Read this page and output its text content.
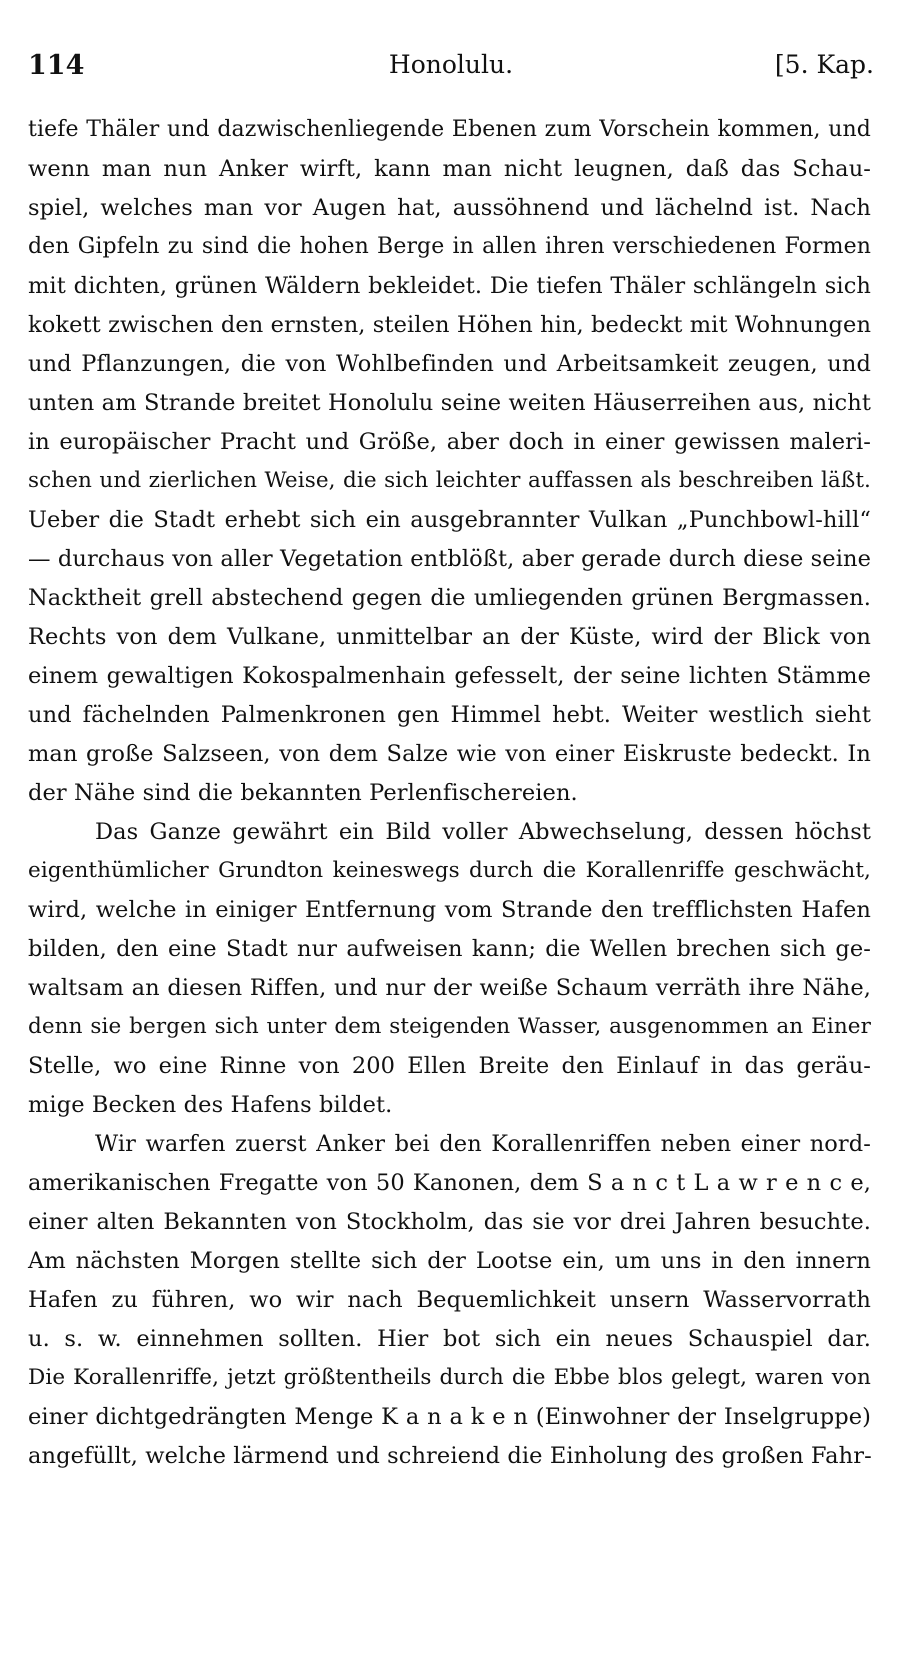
114	Honolulu.	[5. Kap.
tiefe Thäler und dazwischenliegende Ebenen zum Vorschein kommen, und
wenn man nun Anker wirft, kann man nicht leugnen, daß das Schau-
spiel, welches man vor Augen hat, aussöhnend und lächelnd ist. Nach
den Gipfeln zu sind die hohen Berge in allen ihren verschiedenen Formen
mit dichten, grünen Wäldern bekleidet. Die tiefen Thäler schlängeln sich
kokett zwischen den ernsten, steilen Höhen hin, bedeckt mit Wohnungen
und Pflanzungen, die von Wohlbefinden und Arbeitsamkeit zeugen, und
unten am Strande breitet Honolulu seine weiten Häuserreihen aus, nicht
in europäischer Pracht und Größe, aber doch in einer gewissen maleri-
schen und zierlichen Weise, die sich leichter auffassen als beschreiben läßt.
Ueber die Stadt erhebt sich ein ausgebrannter Vulkan „Punchbowl-hill“
— durchaus von aller Vegetation entblößt, aber gerade durch diese seine
Nacktheit grell abstechend gegen die umliegenden grünen Bergmassen.
Rechts von dem Vulkane, unmittelbar an der Küste, wird der Blick von
einem gewaltigen Kokospalmenhain gefesselt, der seine lichten Stämme
und fächelnden Palmenkronen gen Himmel hebt. Weiter westlich sieht
man große Salzseen, von dem Salze wie von einer Eiskruste bedeckt. In
der Nähe sind die bekannten Perlenfischereien.
Das Ganze gewährt ein Bild voller Abwechselung, dessen höchst
eigenthümlicher Grundton keineswegs durch die Korallenriffe geschwächt,
wird, welche in einiger Entfernung vom Strande den trefflichsten Hafen
bilden, den eine Stadt nur aufweisen kann; die Wellen brechen sich ge-
waltsam an diesen Riffen, und nur der weiße Schaum verräth ihre Nähe,
denn sie bergen sich unter dem steigenden Wasser, ausgenommen an Einer
Stelle, wo eine Rinne von 200 Ellen Breite den Einlauf in das geräu-
mige Becken des Hafens bildet.
Wir warfen zuerst Anker bei den Korallenriffen neben einer nord-
amerikanischen Fregatte von 50 Kanonen, dem S a n c t L a w r e n c e,
einer alten Bekannten von Stockholm, das sie vor drei Jahren besuchte.
Am nächsten Morgen stellte sich der Lootse ein, um uns in den innern
Hafen zu führen, wo wir nach Bequemlichkeit unsern Wasservorrath
u. s. w. einnehmen sollten. Hier bot sich ein neues Schauspiel dar.
Die Korallenriffe, jetzt größtentheils durch die Ebbe blos gelegt, waren von
einer dichtgedrängten Menge K a n a k e n (Einwohner der Inselgruppe)
angefüllt, welche lärmend und schreiend die Einholung des großen Fahr-
